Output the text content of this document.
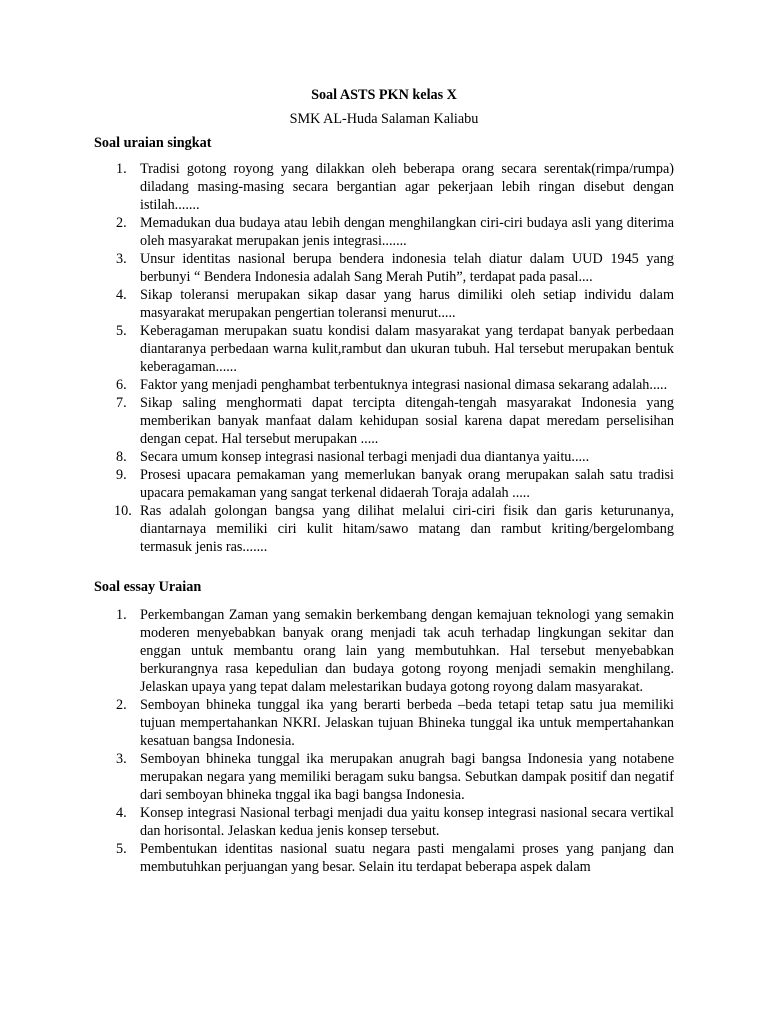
Soal ASTS PKN kelas X
SMK AL-Huda Salaman Kaliabu
Soal uraian singkat
1. Tradisi gotong royong yang dilakkan oleh beberapa orang secara serentak(rimpa/rumpa) diladang masing-masing secara bergantian agar pekerjaan lebih ringan disebut dengan istilah.......
2. Memadukan dua budaya atau lebih dengan menghilangkan ciri-ciri budaya asli yang diterima oleh masyarakat merupakan jenis integrasi.......
3. Unsur identitas nasional berupa bendera indonesia telah diatur dalam UUD 1945 yang berbunyi “ Bendera Indonesia adalah Sang Merah Putih”, terdapat pada pasal....
4. Sikap toleransi merupakan sikap dasar yang harus dimiliki oleh setiap individu dalam masyarakat merupakan pengertian toleransi menurut.....
5. Keberagaman merupakan suatu kondisi dalam masyarakat yang terdapat banyak perbedaan diantaranya perbedaan warna kulit,rambut dan ukuran tubuh. Hal tersebut merupakan bentuk keberagaman......
6. Faktor yang menjadi penghambat terbentuknya integrasi nasional dimasa sekarang adalah.....
7. Sikap saling menghormati dapat tercipta ditengah-tengah masyarakat Indonesia yang memberikan banyak manfaat dalam kehidupan sosial karena dapat meredam perselisihan dengan cepat. Hal tersebut merupakan .....
8. Secara umum konsep integrasi nasional terbagi menjadi dua diantanya yaitu.....
9. Prosesi upacara pemakaman yang memerlukan banyak orang merupakan salah satu tradisi upacara pemakaman yang sangat terkenal didaerah Toraja adalah .....
10. Ras adalah golongan bangsa yang dilihat melalui ciri-ciri fisik dan garis keturunanya, diantarnaya memiliki ciri kulit hitam/sawo matang dan rambut kriting/bergelombang termasuk jenis ras.......
Soal essay Uraian
1. Perkembangan Zaman yang semakin berkembang dengan kemajuan teknologi yang semakin moderen menyebabkan banyak orang menjadi tak acuh terhadap lingkungan sekitar dan enggan untuk membantu orang lain yang membutuhkan. Hal tersebut menyebabkan berkurangnya rasa kepedulian dan budaya gotong royong menjadi semakin menghilang. Jelaskan upaya yang tepat dalam melestarikan budaya gotong royong dalam masyarakat.
2. Semboyan bhineka tunggal ika yang berarti berbeda –beda tetapi tetap satu jua memiliki tujuan mempertahankan NKRI. Jelaskan tujuan Bhineka tunggal ika untuk mempertahankan kesatuan bangsa Indonesia.
3. Semboyan bhineka tunggal ika merupakan anugrah bagi bangsa Indonesia yang notabene merupakan negara yang memiliki beragam suku bangsa. Sebutkan dampak positif dan negatif dari semboyan bhineka tnggal ika bagi bangsa Indonesia.
4. Konsep integrasi Nasional terbagi menjadi dua yaitu konsep integrasi nasional secara vertikal dan horisontal. Jelaskan kedua jenis konsep tersebut.
5. Pembentukan identitas nasional suatu negara pasti mengalami proses yang panjang dan membutuhkan perjuangan yang besar. Selain itu terdapat beberapa aspek dalam
